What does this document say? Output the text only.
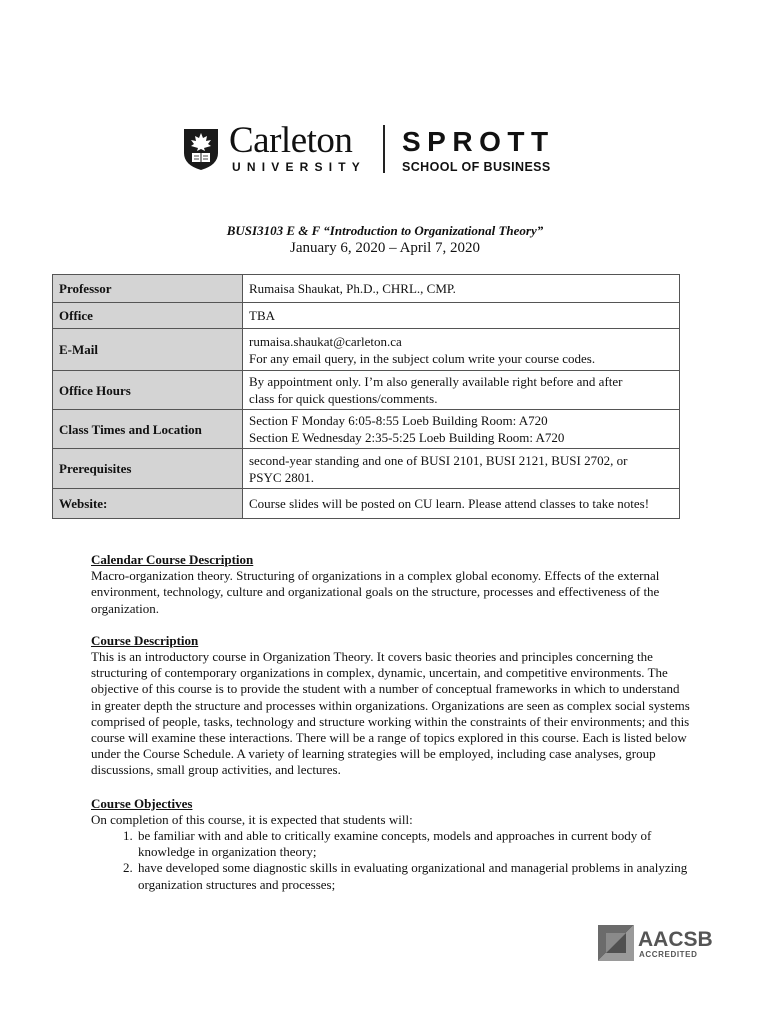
Carleton
UNIVERSITY
SPROTT
SCHOOL OF BUSINESS
BUSI3103 E & F “Introduction to Organizational Theory”
January 6, 2020 – April 7, 2020
Professor	Rumaisa Shaukat, Ph.D., CHRL., CMP.

Office	TBA

E-Mail	rumaisa.shaukat@carleton.ca
For any email query, in the subject colum write your course codes.

Office Hours	By appointment only. I’m also generally available right before and after
class for quick questions/comments.

Class Times and Location	Section F Monday 6:05-8:55 Loeb Building Room: A720
Section E Wednesday 2:35-5:25 Loeb Building Room: A720

Prerequisites	second-year standing and one of BUSI 2101, BUSI 2121, BUSI 2702, or
PSYC 2801.

Website:	Course slides will be posted on CU learn. Please attend classes to take notes!
Calendar Course Description

Macro-organization theory. Structuring of organizations in a complex global economy. Effects of the external environment, technology, culture and organizational goals on the structure, processes and effectiveness of the organization.

Course Description

This is an introductory course in Organization Theory. It covers basic theories and principles concerning the structuring of contemporary organizations in complex, dynamic, uncertain, and competitive environments. The objective of this course is to provide the student with a number of conceptual frameworks in which to understand in greater depth the structure and processes within organizations. Organizations are seen as complex social systems comprised of people, tasks, technology and structure working within the constraints of their environments; and this course will examine these interactions. There will be a range of topics explored in this course. Each is listed below under the Course Schedule. A variety of learning strategies will be employed, including case analyses, group discussions, small group activities, and lectures.

Course Objectives

On completion of this course, it is expected that students will:

1. be familiar with and able to critically examine concepts, models and approaches in current body of knowledge in organization theory;
2. have developed some diagnostic skills in evaluating organizational and managerial problems in analyzing organization structures and processes;
AACSB
ACCREDITED
